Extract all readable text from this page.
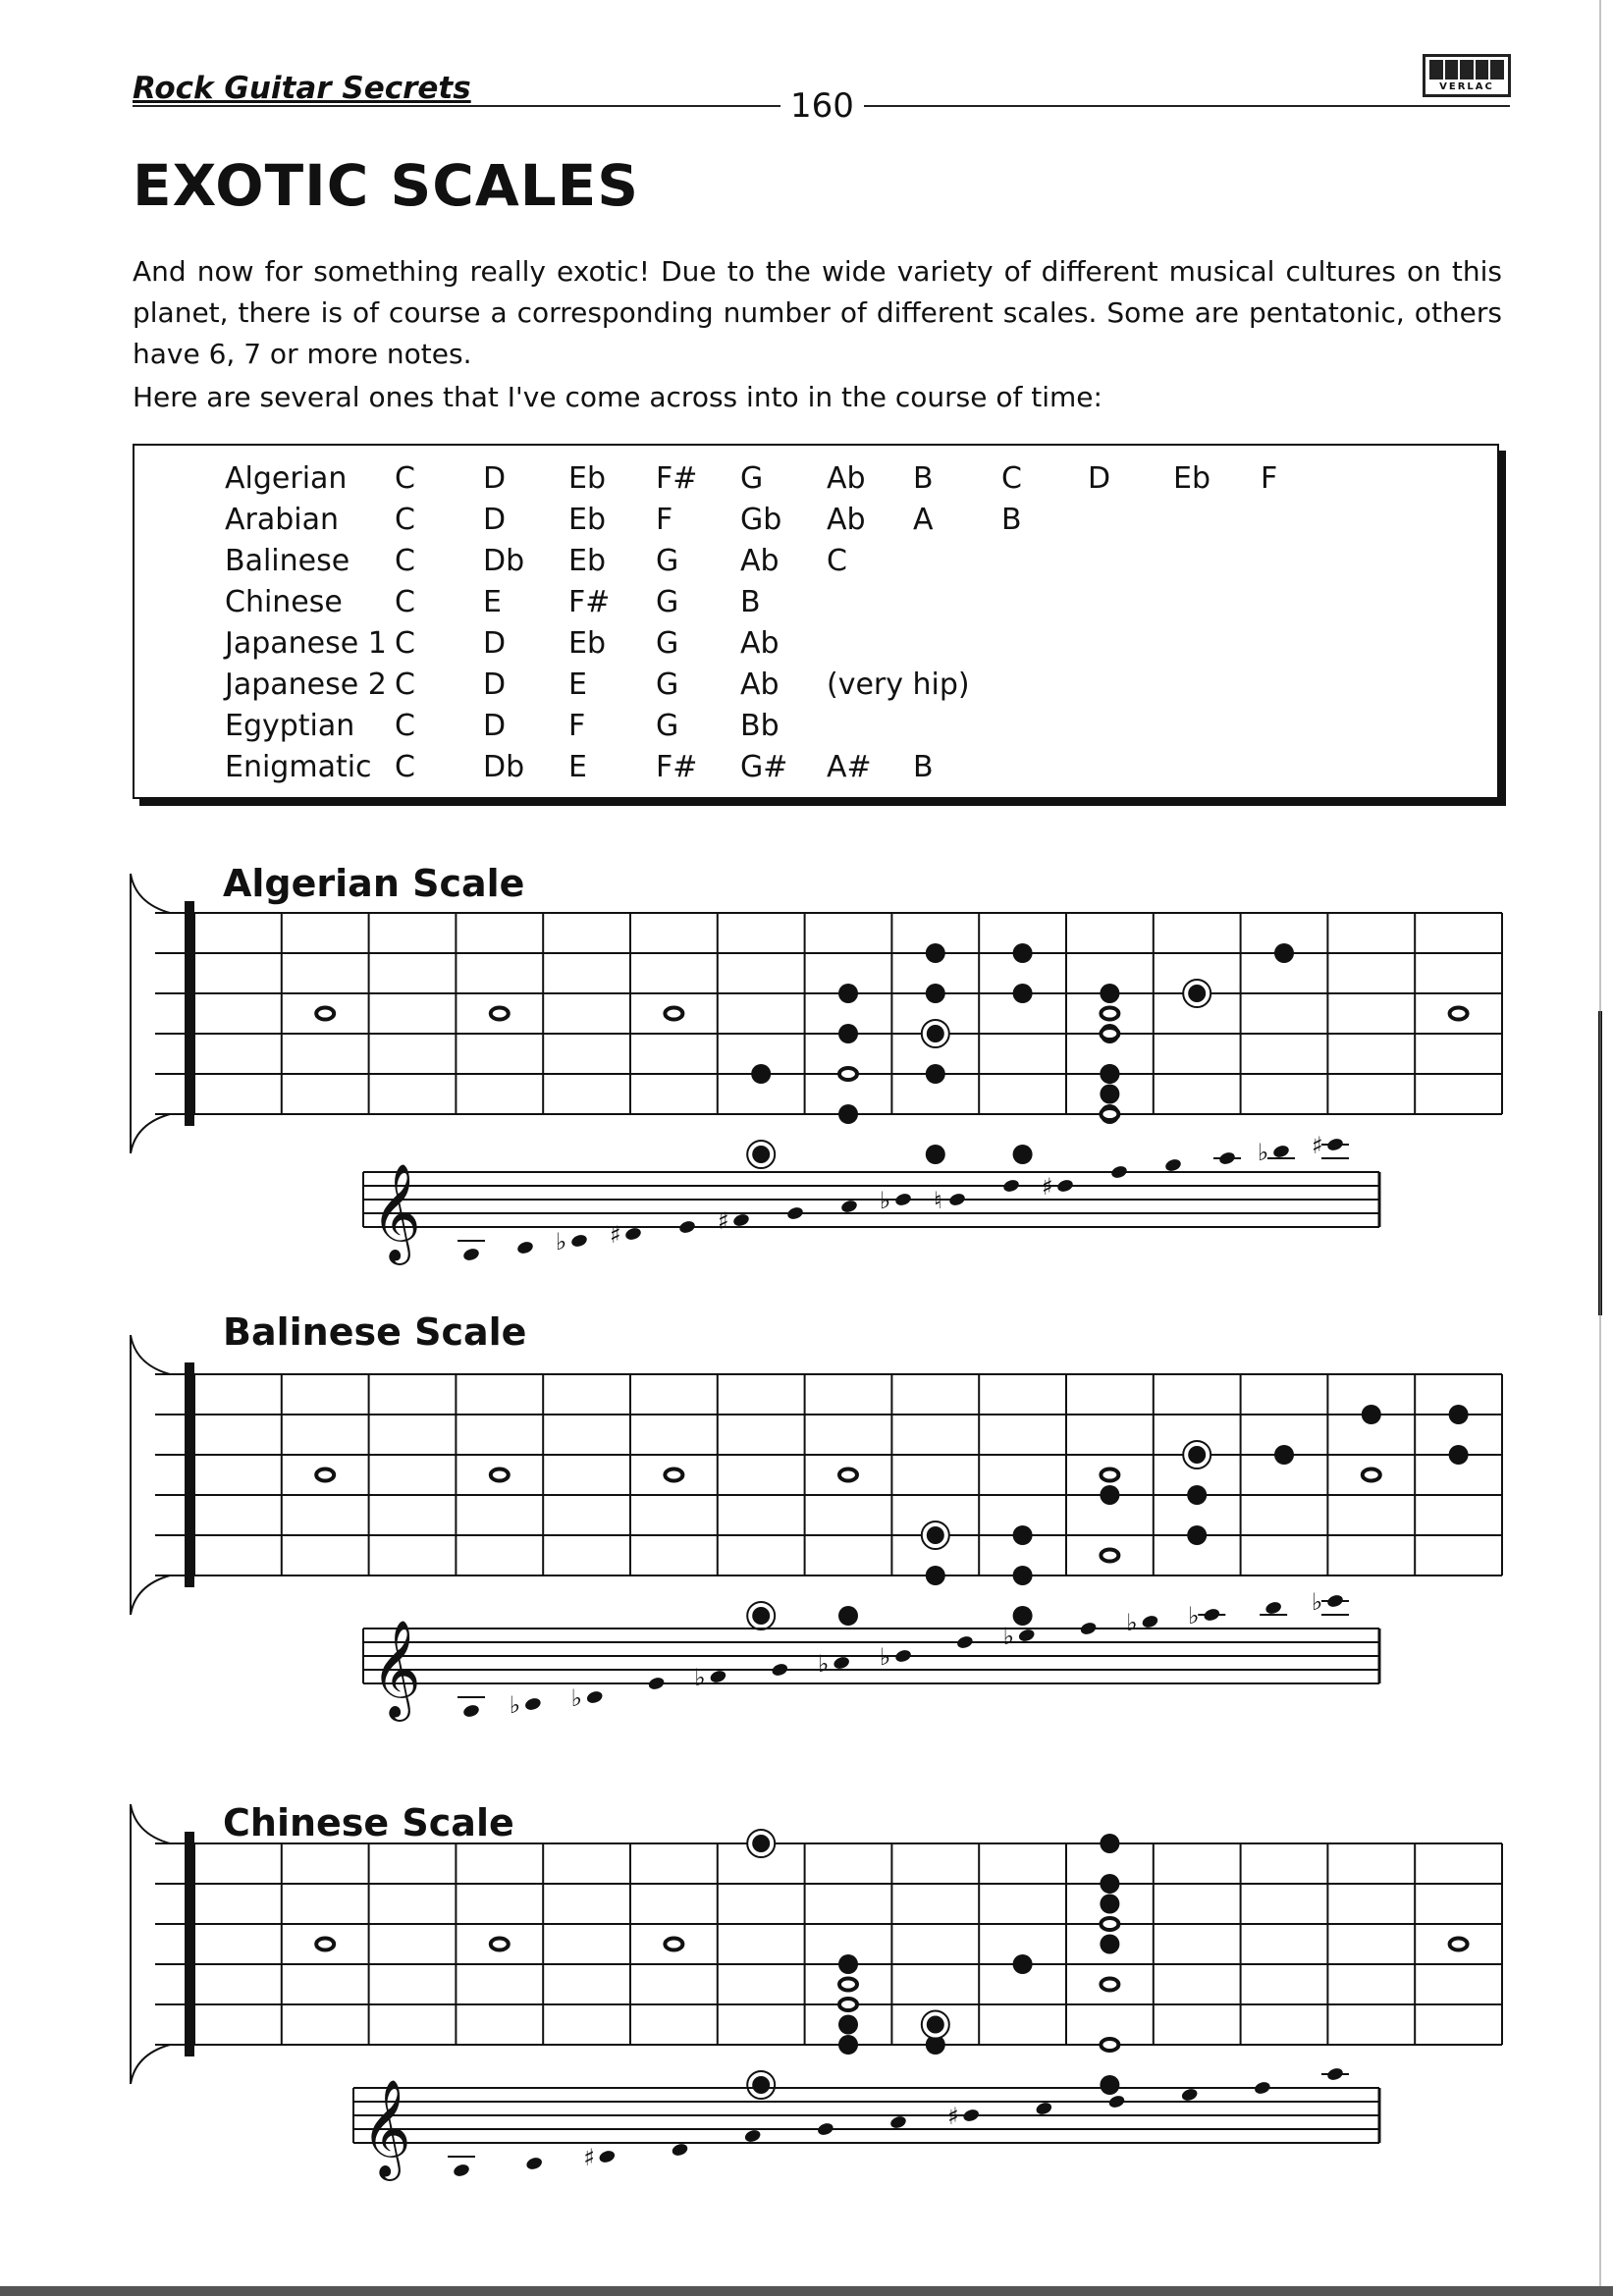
Rock Guitar Secrets	160	VERLAC
EXOTIC SCALES
And now for something really exotic! Due to the wide variety of different musical cultures on this planet, there is of course a corresponding number of different scales. Some are pentatonic, others have 6, 7 or more notes.
Here are several ones that I've come across into in the course of time:
Algerian C D Eb F# G Ab B C D Eb F
Arabian C D Eb F Gb Ab A B
Balinese C Db Eb G Ab C
Chinese C E F# G B
Japanese 1 C D Eb G Ab
Japanese 2 C D E G Ab (very hip)
Egyptian C D F G Bb
Enigmatic C Db E F# G# A# B
Algerian Scale
Balinese Scale
Chinese Scale
𝄞	♭ ♯	♯
♭ ♮	♯
♭ ♯
𝄞	♭ ♭
♭	♭ ♭
♭	♭ ♭	♭
𝄞	♯
♯
